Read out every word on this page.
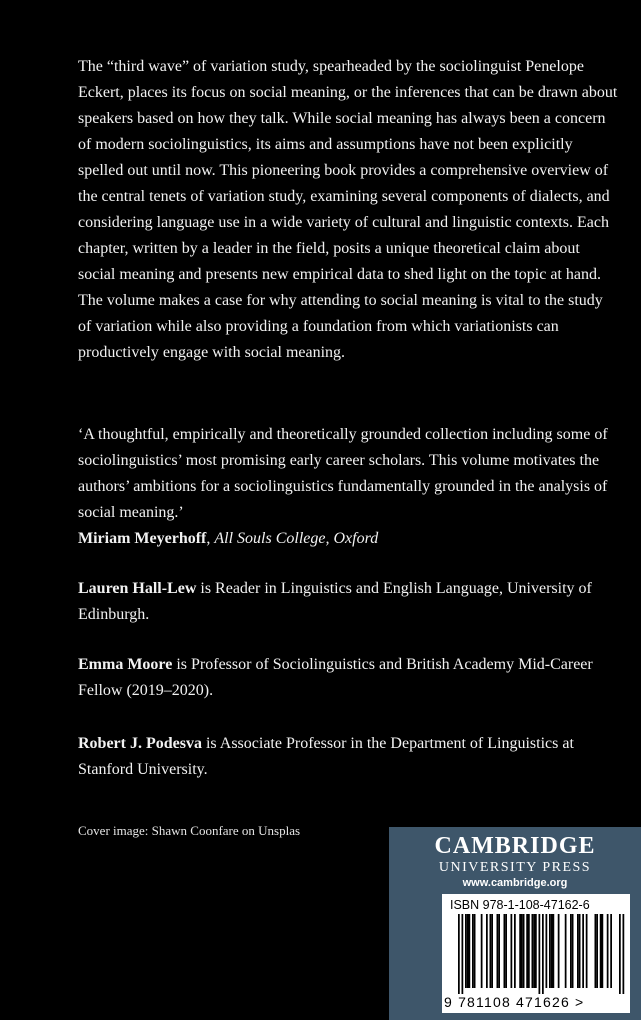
The “third wave” of variation study, spearheaded by the sociolinguist Penelope Eckert, places its focus on social meaning, or the inferences that can be drawn about speakers based on how they talk. While social meaning has always been a concern of modern sociolinguistics, its aims and assumptions have not been explicitly spelled out until now. This pioneering book provides a comprehensive overview of the central tenets of variation study, examining several components of dialects, and considering language use in a wide variety of cultural and linguistic contexts. Each chapter, written by a leader in the field, posits a unique theoretical claim about social meaning and presents new empirical data to shed light on the topic at hand. The volume makes a case for why attending to social meaning is vital to the study of variation while also providing a foundation from which variationists can productively engage with social meaning.
‘A thoughtful, empirically and theoretically grounded collection including some of sociolinguistics’ most promising early career scholars. This volume motivates the authors’ ambitions for a sociolinguistics fundamentally grounded in the analysis of social meaning.’
Miriam Meyerhoff, All Souls College, Oxford
Lauren Hall-Lew is Reader in Linguistics and English Language, University of Edinburgh.
Emma Moore is Professor of Sociolinguistics and British Academy Mid-Career Fellow (2019–2020).
Robert J. Podesva is Associate Professor in the Department of Linguistics at Stanford University.
Cover image: Shawn Coonfare on Unsplas
CAMBRIDGE
UNIVERSITY PRESS
www.cambridge.org
ISBN 978-1-108-47162-6
9 781108 471626 >
